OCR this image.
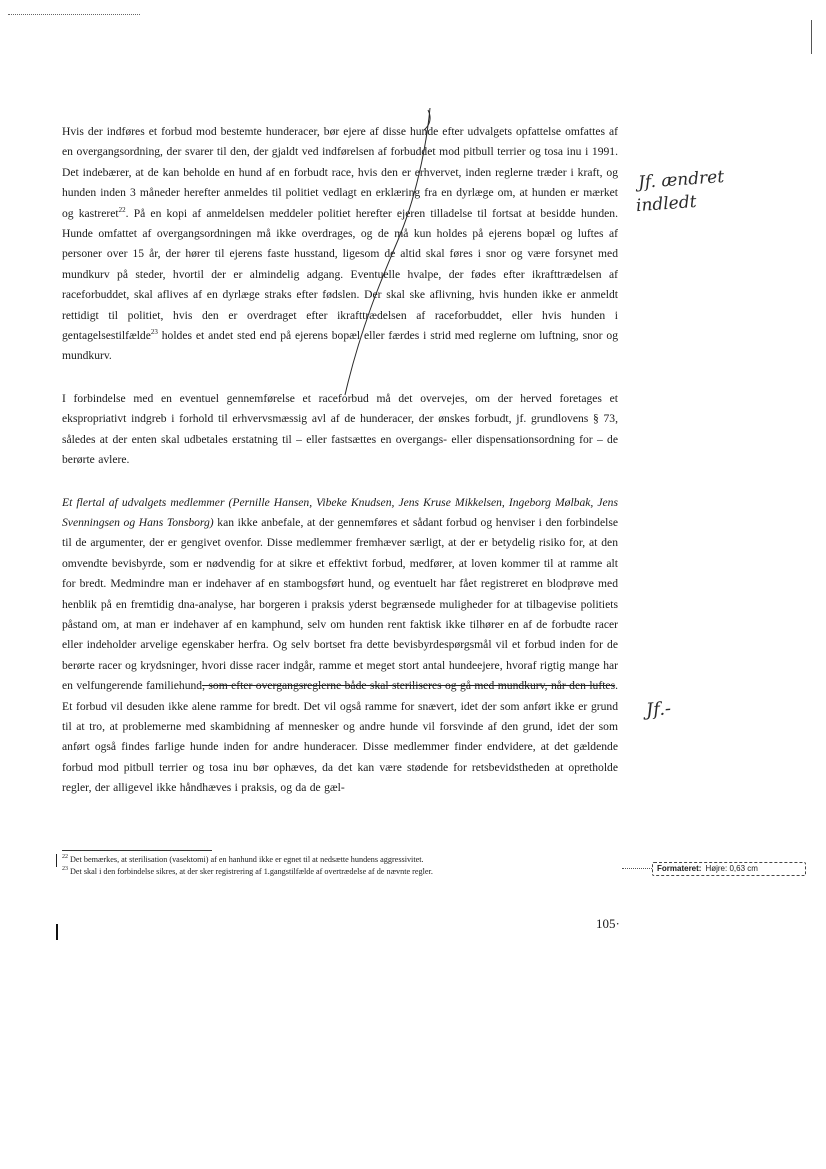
Hvis der indføres et forbud mod bestemte hunderacer, bør ejere af disse hunde efter udvalgets opfattelse omfattes af en overgangsordning, der svarer til den, der gjaldt ved indførelsen af forbuddet mod pitbull terrier og tosa inu i 1991. Det indebærer, at de kan beholde en hund af en forbudt race, hvis den er erhvervet, inden reglerne træder i kraft, og hunden inden 3 måneder herefter anmeldes til politiet vedlagt en erklæring fra en dyrlæge om, at hunden er mærket og kastreret$^{22}$. På en kopi af anmeldelsen meddeler politiet herefter ejeren tilladelse til fortsat at besidde hunden. Hunde omfattet af overgangsordningen må ikke overdrages, og de må kun holdes på ejerens bopæl og luftes af personer over 15 år, der hører til ejerens faste husstand, ligesom de altid skal føres i snor og være forsynet med mundkurv på steder, hvortil der er almindelig adgang. Eventuelle hvalpe, der fødes efter ikrafttrædelsen af raceforbuddet, skal aflives af en dyrlæge straks efter fødslen. Der skal ske aflivning, hvis hunden ikke er anmeldt rettidigt til politiet, hvis den er overdraget efter ikrafttrædelsen af raceforbuddet, eller hvis hunden i gentagelsestilfælde$^{23}$ holdes et andet sted end på ejerens bopæl eller færdes i strid med reglerne om luftning, snor og mundkurv.

I forbindelse med en eventuel gennemførelse et raceforbud må det overvejes, om der herved foretages et ekspropriativt indgreb i forhold til erhvervsmæssig avl af de hunderacer, der ønskes forbudt, jf. grundlovens § 73, således at der enten skal udbetales erstatning til – eller fastsættes en overgangs- eller dispensationsordning for – de berørte avlere.

Et flertal af udvalgets medlemmer (Pernille Hansen, Vibeke Knudsen, Jens Kruse Mikkelsen, Ingeborg Mølbak, Jens Svenningsen og Hans Tonsborg) kan ikke anbefale, at der gennemføres et sådant forbud og henviser i den forbindelse til de argumenter, der er gengivet ovenfor. Disse medlemmer fremhæver særligt, at der er betydelig risiko for, at den omvendte bevisbyrde, som er nødvendig for at sikre et effektivt forbud, medfører, at loven kommer til at ramme alt for bredt. Medmindre man er indehaver af en stambogsført hund, og eventuelt har fået registreret en blodprøve med henblik på en fremtidig dna-analyse, har borgeren i praksis yderst begrænsede muligheder for at tilbagevise politiets påstand om, at man er indehaver af en kamphund, selv om hunden rent faktisk ikke tilhører en af de forbudte racer eller indeholder arvelige egenskaber herfra. Og selv bortset fra dette bevisbyrdespørgsmål vil et forbud inden for de berørte racer og krydsninger, hvori disse racer indgår, ramme et meget stort antal hundeejere, hvoraf rigtig mange har en velfungerende familiehund, som efter overgangsreglerne både skal steriliseres og gå med mundkurv, når den luftes. Et forbud vil desuden ikke alene ramme for bredt. Det vil også ramme for snævert, idet der som anført ikke er grund til at tro, at problemerne med skambidning af mennesker og andre hunde vil forsvinde af den grund, idet der som anført også findes farlige hunde inden for andre hunderacer. Disse medlemmer finder endvidere, at det gældende forbud mod pitbull terrier og tosa inu bør ophæves, da det kan være stødende for retsbevidstheden at opretholde regler, der alligevel ikke håndhæves i praksis, og da de gæl-

$^{22}$ Det bemærkes, at sterilisation (vasektomi) af en hanhund ikke er egnet til at nedsætte hundens aggressivitet.
$^{23}$ Det skal i den forbindelse sikres, at der sker registrering af 1.gangstilfælde af overtrædelse af de nævnte regler.	Formateret: Højre: 0,63 cm
105·
Jf. ændret
indledt
Jf.-
